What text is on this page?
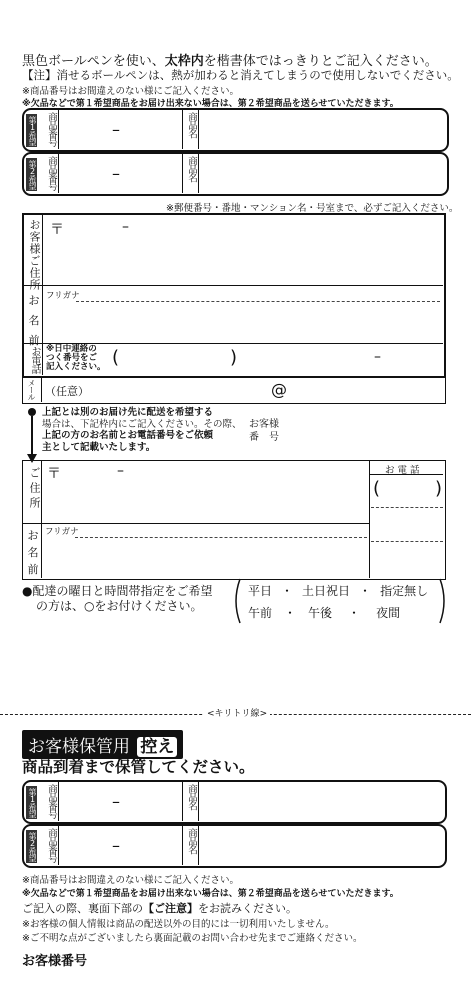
黒色ボールペンを使い、太枠内を楷書体ではっきりとご記入ください。
【注】消せるボールペンは、熱が加わると消えてしまうので使用しないでください。
※商品番号はお間違えのない様にご記入ください。
※欠品などで第１希望商品をお届け出来ない場合は、第２希望商品を送らせていただきます。
第1希望 商品番号	–	商品名
第2希望 商品番号	–	商品名
※郵便番号・番地・マンション名・号室まで、必ずご記入ください。
お客様ご住所 〒	–
お名前
フリガナ
お電話 ※日中連絡の
つく番号をご
記入ください。 (	)	–
メール （任意）	@
上記とは別のお届け先に配送を希望する
場合は、下記枠内にご記入ください。その際、
上記の方のお名前とお電話番号をご依頼
主として記載いたします。
お客様
番　号
ご住所 〒	–	お 電 話
(	)
お名前
フリガナ
●配達の曜日と時間帯指定をご希望
の方は、○をお付けください。
平日 ・ 土日祝日 ・ 指定無し
午前 ・ 午後 ・ 夜間
<キリトリ線>
お客様保管用 控え
商品到着まで保管してください。
第1希望 商品番号	–	商品名
第2希望 商品番号	–	商品名
※商品番号はお間違えのない様にご記入ください。
※欠品などで第１希望商品をお届け出来ない場合は、第２希望商品を送らせていただきます。
ご記入の際、裏面下部の【ご注意】をお読みください。
※お客様の個人情報は商品の配送以外の目的には一切利用いたしません。
※ご不明な点がございましたら裏面記載のお問い合わせ先までご連絡ください。
お客様番号
